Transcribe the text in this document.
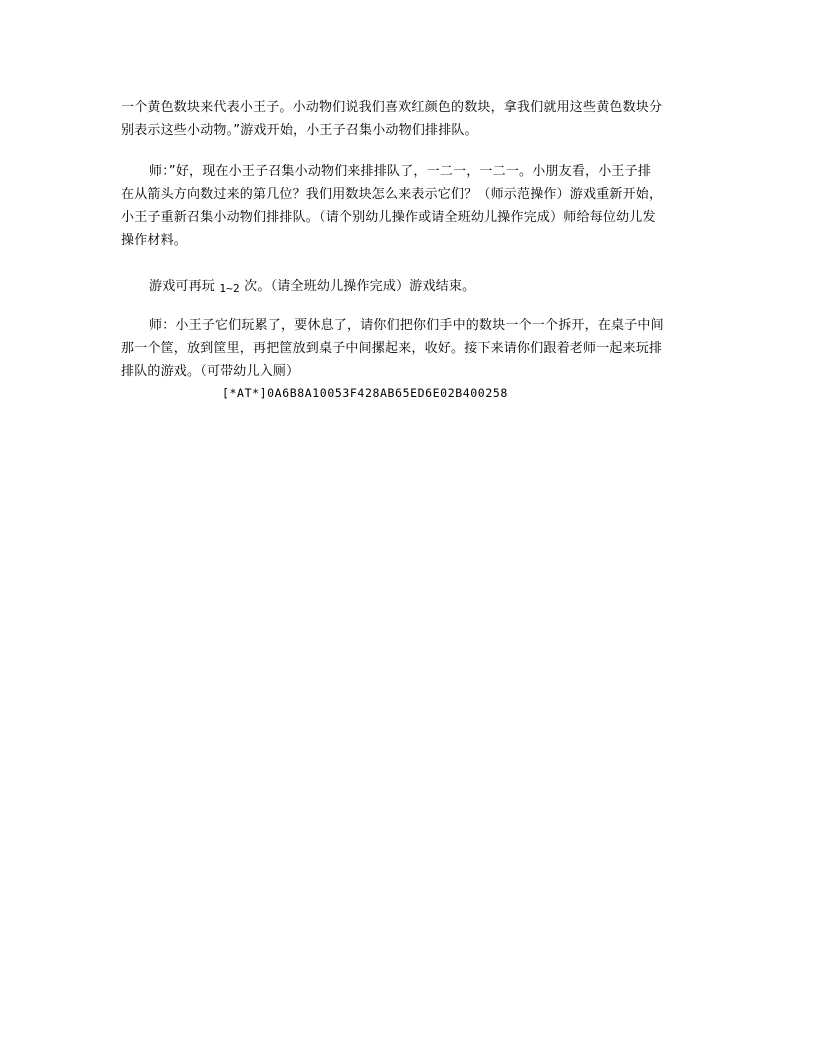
一个黄色数块来代表小王子。小动物们说我们喜欢红颜色的数块，拿我们就用这些黄色数块分
别表示这些小动物。”游戏开始，小王子召集小动物们排排队。

师：”好，现在小王子召集小动物们来排排队了，一二一，一二一。小朋友看，小王子排
在从箭头方向数过来的第几位？我们用数块怎么来表示它们？（师示范操作）游戏重新开始，
小王子重新召集小动物们排排队。（请个别幼儿操作或请全班幼儿操作完成）师给每位幼儿发
操作材料。

游戏可再玩 1~2 次。（请全班幼儿操作完成）游戏结束。

师：小王子它们玩累了，要休息了，请你们把你们手中的数块一个一个拆开，在桌子中间
那一个筐，放到筐里，再把筐放到桌子中间摞起来，收好。接下来请你们跟着老师一起来玩排
排队的游戏。（可带幼儿入厕）

[*AT*]0A6B8A10053F428AB65ED6E02B400258
